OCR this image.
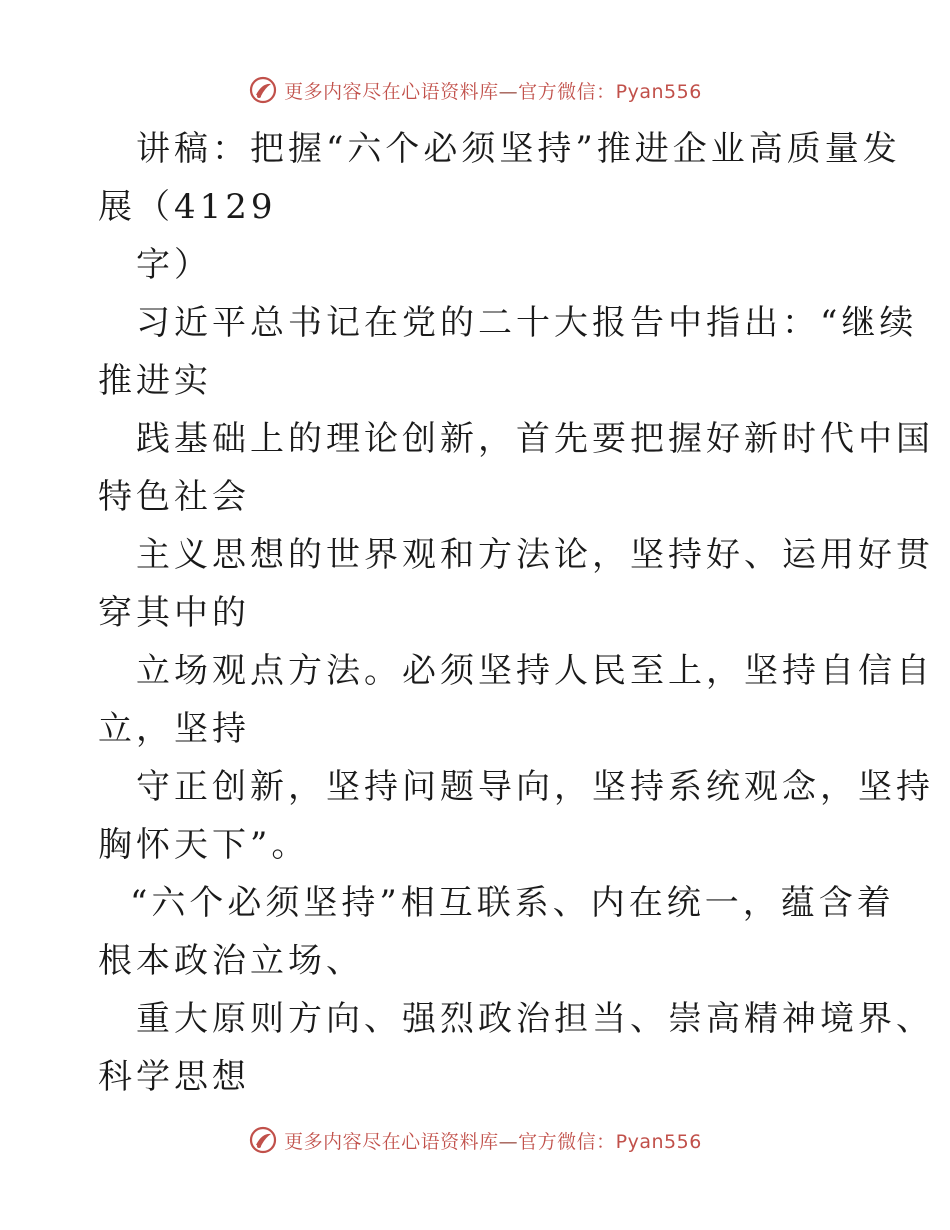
更多内容尽在心语资料库—官方微信：Pyan556

讲稿：把握“六个必须坚持”推进企业高质量发

展（4129

字）

习近平总书记在党的二十大报告中指出：“继续

推进实

践基础上的理论创新，首先要把握好新时代中国

特色社会

主义思想的世界观和方法论，坚持好、运用好贯

穿其中的

立场观点方法。必须坚持人民至上，坚持自信自

立，坚持

守正创新，坚持问题导向，坚持系统观念，坚持

胸怀天下”。

“六个必须坚持”相互联系、内在统一，蕴含着

根本政治立场、

重大原则方向、强烈政治担当、崇高精神境界、

科学思想

更多内容尽在心语资料库—官方微信：Pyan556
